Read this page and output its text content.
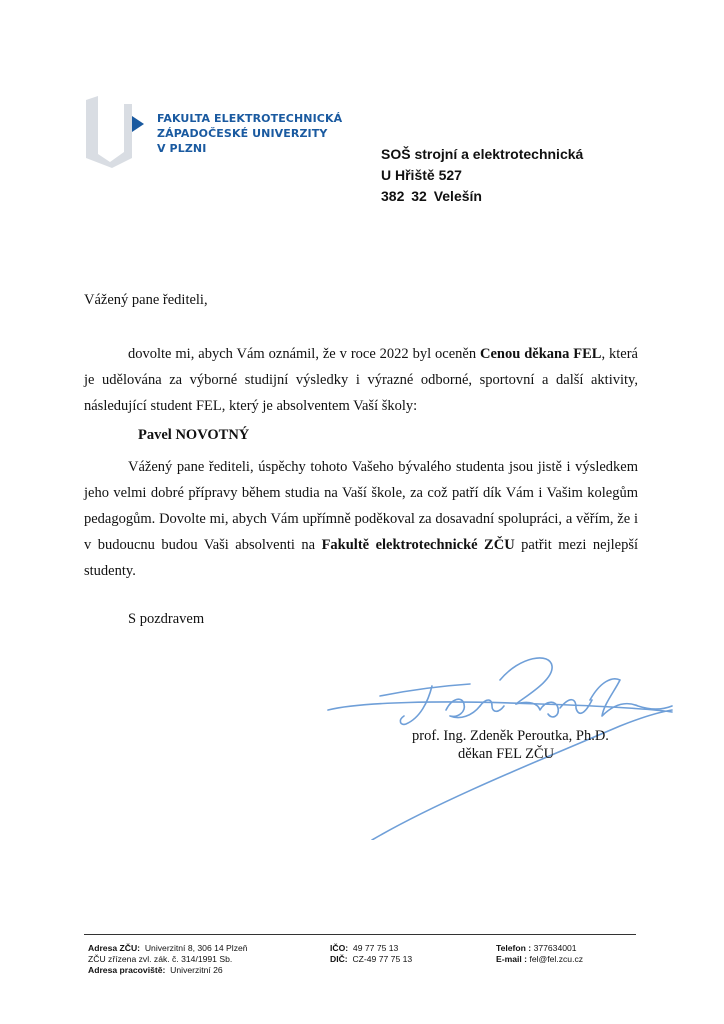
FAKULTA ELEKTROTECHNICKÁ
ZÁPADOČESKÉ UNIVERZITY
V PLZNI	SOŠ strojní a elektrotechnická
U Hřiště 527
382 32 Velešín
Vážený pane řediteli,
dovolte mi, abych Vám oznámil, že v roce 2022 byl oceněn Cenou děkana FEL, která je udělována za výborné studijní výsledky i výrazné odborné, sportovní a další aktivity, následující student FEL, který je absolventem Vaší školy:
Pavel NOVOTNÝ
Vážený pane řediteli, úspěchy tohoto Vašeho bývalého studenta jsou jistě i výsledkem jeho velmi dobré přípravy během studia na Vaší škole, za což patří dík Vám i Vašim kolegům pedagogům. Dovolte mi, abych Vám upřímně poděkoval za dosavadní spolupráci, a věřím, že i v budoucnu budou Vaši absolventi na Fakultě elektrotechnické ZČU patřit mezi nejlepší studenty.
S pozdravem
prof. Ing. Zdeněk Peroutka, Ph.D.
děkan FEL ZČU
Adresa ZČU: Univerzitní 8, 306 14 Plzeň
ZČU zřízena zvl. zák. č. 314/1991 Sb.
Adresa pracoviště: Univerzitní 26
IČO: 49 77 75 13
DIČ: CZ-49 77 75 13
Telefon : 377634001
E-mail : fel@fel.zcu.cz
